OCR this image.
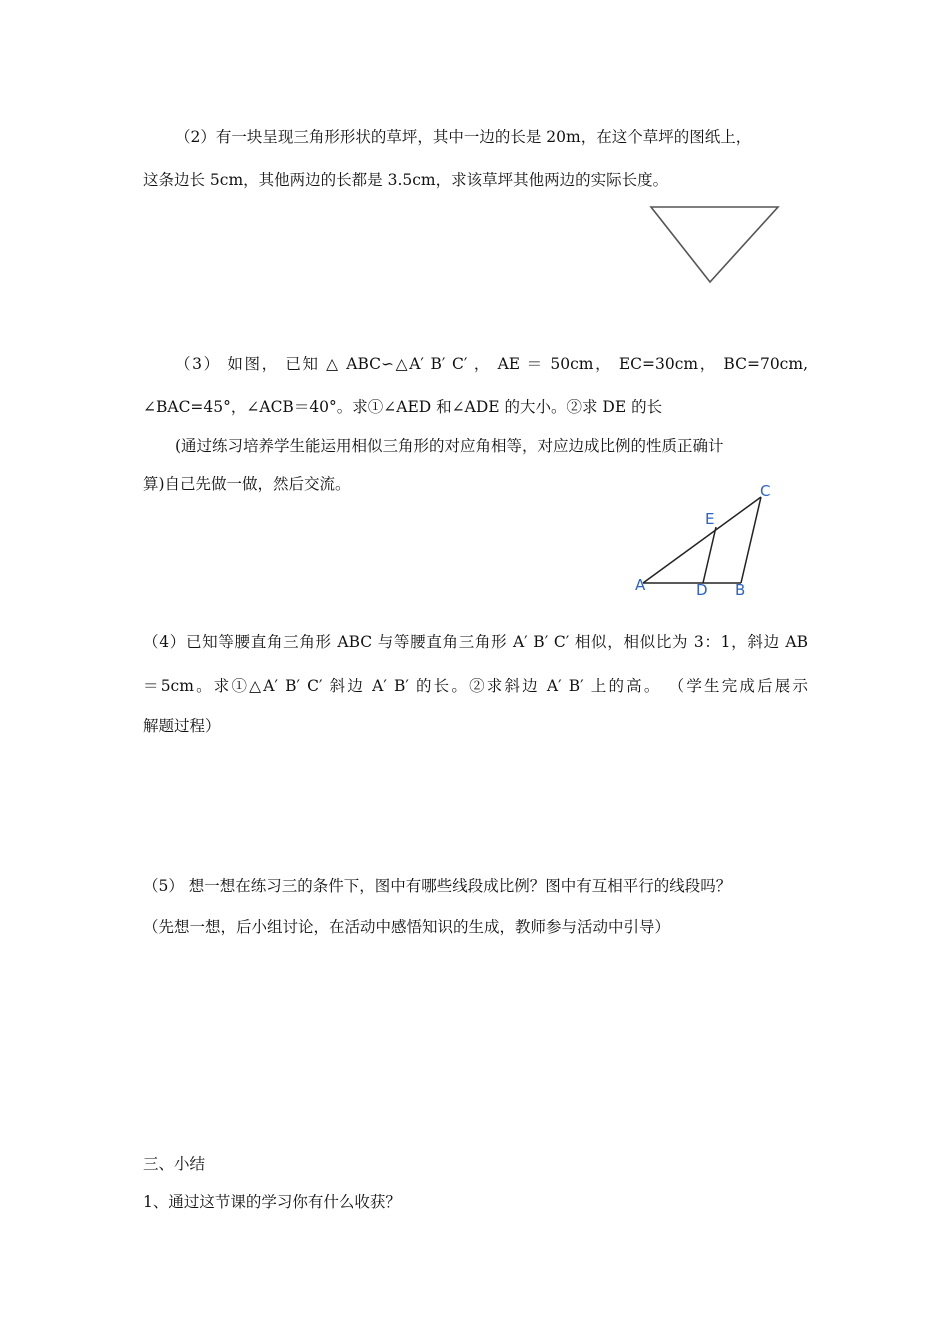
（2）有一块呈现三角形形状的草坪，其中一边的长是 20m，在这个草坪的图纸上，
这条边长 5cm，其他两边的长都是 3.5cm，求该草坪其他两边的实际长度。
（3） 如图， 已知 △ ABC∽△A′ B′ C′ ， AE ＝ 50cm， EC=30cm， BC=70cm,
∠BAC=45°，∠ACB＝40°。求①∠AED 和∠ADE 的大小。②求 DE 的长
(通过练习培养学生能运用相似三角形的对应角相等，对应边成比例的性质正确计
算)自己先做一做，然后交流。
A	B
C
D
E
（4）已知等腰直角三角形 ABC 与等腰直角三角形 A′ B′ C′ 相似，相似比为 3：1，斜边 AB
＝5cm。求①△A′ B′ C′ 斜边 A′ B′ 的长。②求斜边 A′ B′ 上的高。 （学生完成后展示
解题过程）
（5） 想一想在练习三的条件下，图中有哪些线段成比例？图中有互相平行的线段吗？
（先想一想，后小组讨论，在活动中感悟知识的生成，教师参与活动中引导）
三、小结
1、通过这节课的学习你有什么收获？
